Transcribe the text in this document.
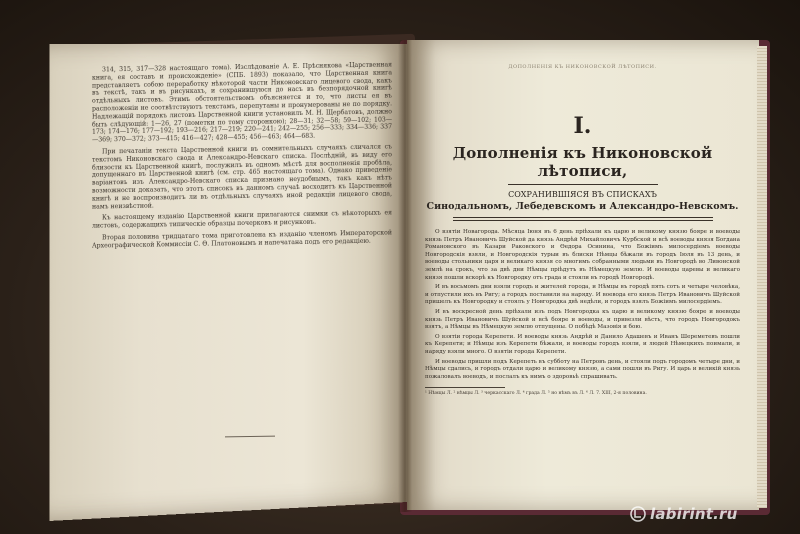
314, 315, 317—328 настоящаго тома). Изслѣдованіе А. Е. Прѣснякова «Царственная книга, ея составъ и происхожденіе» (СПБ. 1893) показало, что Царственная книга представляетъ собою переработку нѣкоторой части Никоновскаго лицевого свода, какъ въ текстѣ, такъ и въ рисункахъ, и сохранившуюся до насъ въ безпорядочной книгѣ отдѣльныхъ листовъ. Этимъ обстоятельствомъ объясняется и то, что листы ея въ расположеніи не соотвѣтствуютъ текстамъ, перепутаны и пронумерованы не по порядку. Надлежащій порядокъ листовъ Царственной книги установилъ М. Н. Щербатовъ, должно быть слѣдующій: 1—26, 27 (пометки по тому сторонкою); 28—31; 32—58; 59—102; 103—173; 174—176; 177—192; 193—216; 217—219; 220—241; 242—255; 256—333; 334—336; 337—369; 370—372; 373—415; 416—427; 428—455; 456—463; 464—683.

При печатаніи текста Царственной книги въ сомнительныхъ случаяхъ сличался съ текстомъ Никоновскаго свода и Александро-Невскаго списка. Послѣдній, въ виду его близости къ Царственной книгѣ, послужилъ въ одномъ мѣстѣ для восполненія пробѣла, допущеннаго въ Царственной книгѣ (см. стр. 465 настоящаго тома). Однако приведеніе варіантовъ изъ Александро-Невскаго списка признано неудобнымъ, такъ какъ нѣтъ возможности доказать, что этотъ списокъ въ данномъ случаѣ восходитъ къ Царственной книгѣ и не воспроизводитъ ли въ отдѣльныхъ случаяхъ иной редакціи лицевого свода, намъ неизвѣстной.

Къ настоящему изданію Царственной книги прилагаются снимки съ нѣкоторыхъ ея листовъ, содержащихъ типическіе образцы почерковъ и рисунковъ.

Вторая половина тридцатаго тома приготовлена къ изданію членомъ Императорской Археографической Коммиссіи С. Ѳ. Платоновымъ и напечатана подъ его редакціею.

ДОПОЛНЕНІЯ КЪ НИКОНОВСКОЙ ЛѢТОПИСИ.
I.
Дополненія къ Никоновской лѣтописи,
СОХРАНИВШІЯСЯ ВЪ СПИСКАХЪ
Синодальномъ, Лебедевскомъ и Александро-Невскомъ.

О взятіи Новагорода. Мѣсяца Іюня въ 6 день пріѣхали къ царю и великому князю бояре и воеводы князь Петръ Ивановичъ Шуйской да князь Андрѣй Михайловичъ Курбской и всѣ воеводы князя Богдана Романовского въ Казари Раковского и Ѳедора Осинина, что Божіимъ милосердіемъ воеводы Новгородскія взяли, и Новгородскія турыи въ блиски Нѣмцы бѣжали въ городъ Іюля въ 13 день, и воеводы стольники царя и великаго князя со многимъ собранными людьми въ Новгородѣ во Ливонской землѣ на срокъ, что за двѣ дни Нѣмцы пріѣдутъ въ Нѣмецкую землю. И воеводы царевы и великаго князя пошли вскорѣ къ Новгородку отъ града и стояли въ городѣ Новгородѣ.

И въ восьмомъ дни взяли городъ и жителей города, и Нѣмцы въ городѣ пять сотъ и четыре человѣка, и отпустили ихъ въ Ригу; а городъ поставили на наряду. И воевода его князь Петръ Ивановичъ Шуйской пришелъ къ Новгородку и стоялъ у Новгородка двѣ недѣли, и городъ взялъ Божіимъ милосердіемъ.

И въ воскресной день пріѣхали изъ подъ Новгородка къ царю и великому князю бояре и воеводы князь Петръ Ивановичъ Шуйской и всѣ бояре и воеводы, и привезли вѣсть, что городъ Новгородокъ взятъ, а Нѣмцы въ Нѣмецкую землю отпущены. О побѣдѣ Мазовія и бою.

О взятіи города Керепети. И воеводы князь Андрѣй и Данило Адашевъ и Иванъ Шереметевъ пошли къ Керепети; и Нѣмцы изъ Керепети бѣжали, и воеводы городъ взяли, и людей Нѣмецкихъ поимали, и наряду взяли много. О взятіи города Керепети.

И воеводы пришли подъ Керепеть въ субботу на Петровъ день, и стояли подъ городомъ четыре дни, и Нѣмцы сдались, и городъ отдали царю и великому князю, а сами пошли въ Ригу. И царь и великій князь пожаловалъ воеводъ, и послалъ къ нимъ о здоровьѣ спрашивать.

¹ Нѣмцы Л. ² нѣмцы Л. ³ черкасскаго Л. ⁴ града Л. ⁵ но нѣмъ въ Л. ⁶ Л. 7. XIII, 2-я половина.
labirint.ru
